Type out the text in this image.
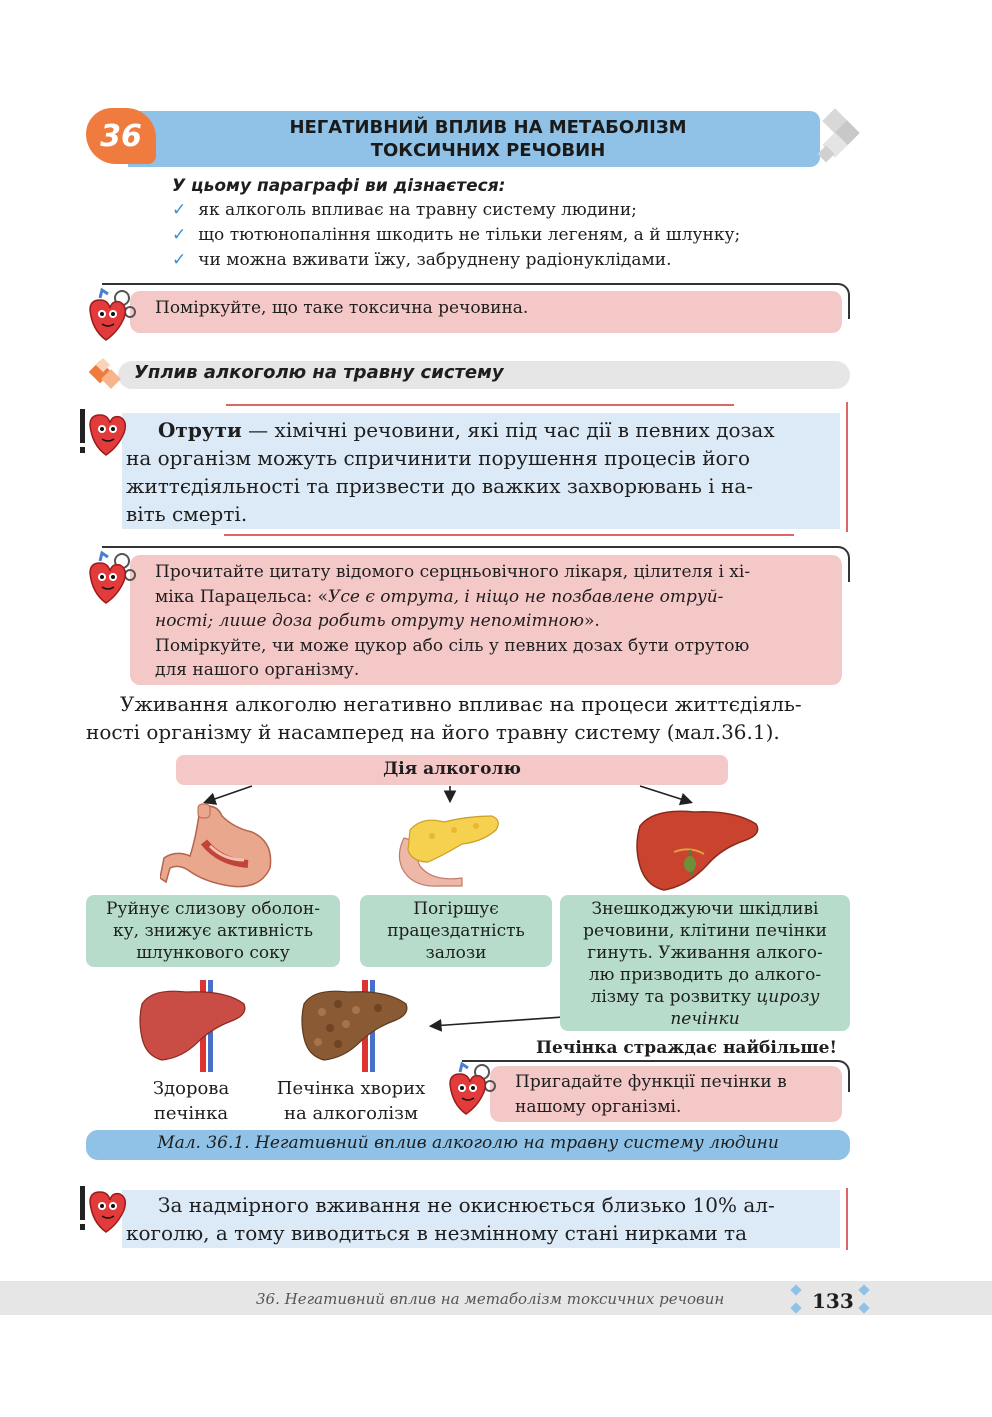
36	НЕГАТИВНИЙ ВПЛИВ НА МЕТАБОЛІЗМ
ТОКСИЧНИХ РЕЧОВИН
У цьому параграфі ви дізнаєтеся:
✓ як алкоголь впливає на травну систему людини;
✓ що тютюнопаління шкодить не тільки легеням, а й шлунку;
✓ чи можна вживати їжу, забруднену радіонуклідами.
Поміркуйте, що таке токсична речовина.
Уплив алкоголю на травну систему
Отрути — хімічні речовини, які під час дії в певних дозах
на організм можуть спричинити порушення процесів його
життєдіяльності та призвести до важких захворювань і на-
віть смерті.
Прочитайте цитату відомого серцньовічного лікаря, цілителя і хі-
міка Парацельса: «Усе є отрута, і ніщо не позбавлене отруй-
ності; лише доза робить отруту непомітною».
Поміркуйте, чи може цукор або сіль у певних дозах бути отрутою
для нашого організму.
Уживання алкоголю негативно впливає на процеси життєдіяль-
ності організму й насамперед на його травну систему (мал.36.1).
Дія алкоголю
Руйнує слизову оболон-
ку, знижує активність
шлункового соку
Погіршує
працездатність
залози
Знешкоджуючи шкідливі
речовини, клітини печінки
гинуть. Уживання алкого-
лю призводить до алкого-
лізму та розвитку цирозу
печінки
Печінка страждає найбільше!
Здорова
печінка
Печінка хворих
на алкоголізм
Пригадайте функції печінки в
нашому організмі.
Мал. 36.1. Негативний вплив алкоголю на травну систему людини
За надмірного вживання не окиснюється близько 10% ал-
коголю, а тому виводиться в незмінному стані нирками та
36. Негативний вплив на метаболізм токсичних речовин	133
